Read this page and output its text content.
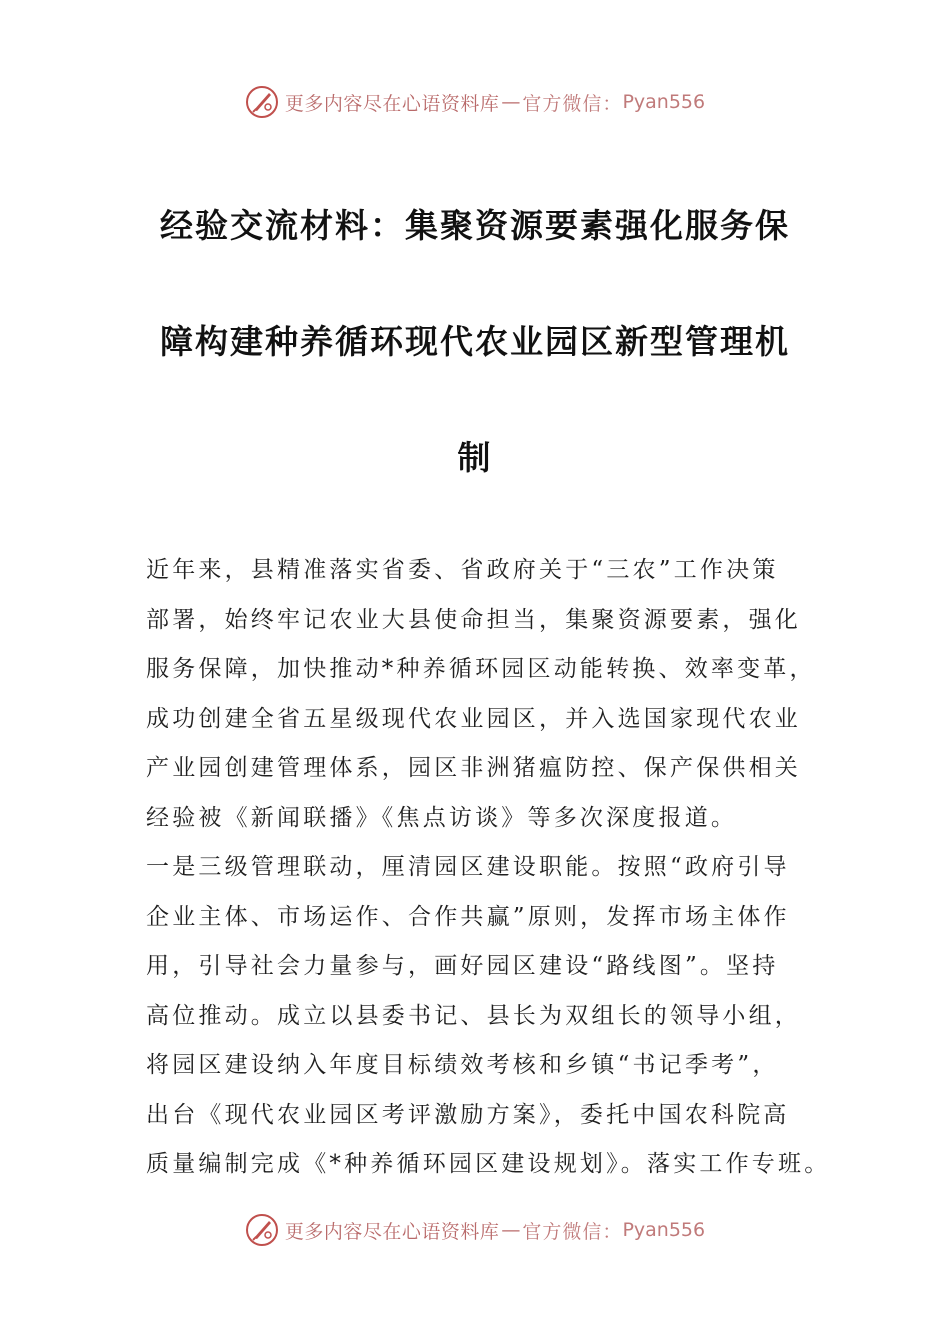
更多内容尽在心语资料库 — 官方微信： Pyan556
经验交流材料：集聚资源要素强化服务保
障构建种养循环现代农业园区新型管理机
制

近年来，县精准落实省委、省政府关于“三农”工作决策
部署，始终牢记农业大县使命担当，集聚资源要素，强化
服务保障，加快推动*种养循环园区动能转换、效率变革，
成功创建全省五星级现代农业园区，并入选国家现代农业
产业园创建管理体系，园区非洲猪瘟防控、保产保供相关
经验被《新闻联播》《焦点访谈》等多次深度报道。

一是三级管理联动，厘清园区建设职能。按照“政府引导
企业主体、市场运作、合作共赢”原则，发挥市场主体作
用，引导社会力量参与，画好园区建设“路线图”。坚持
高位推动。成立以县委书记、县长为双组长的领导小组，
将园区建设纳入年度目标绩效考核和乡镇“书记季考”，
出台《现代农业园区考评激励方案》，委托中国农科院高
质量编制完成《*种养循环园区建设规划》。落实工作专班。

更多内容尽在心语资料库 — 官方微信： Pyan556
